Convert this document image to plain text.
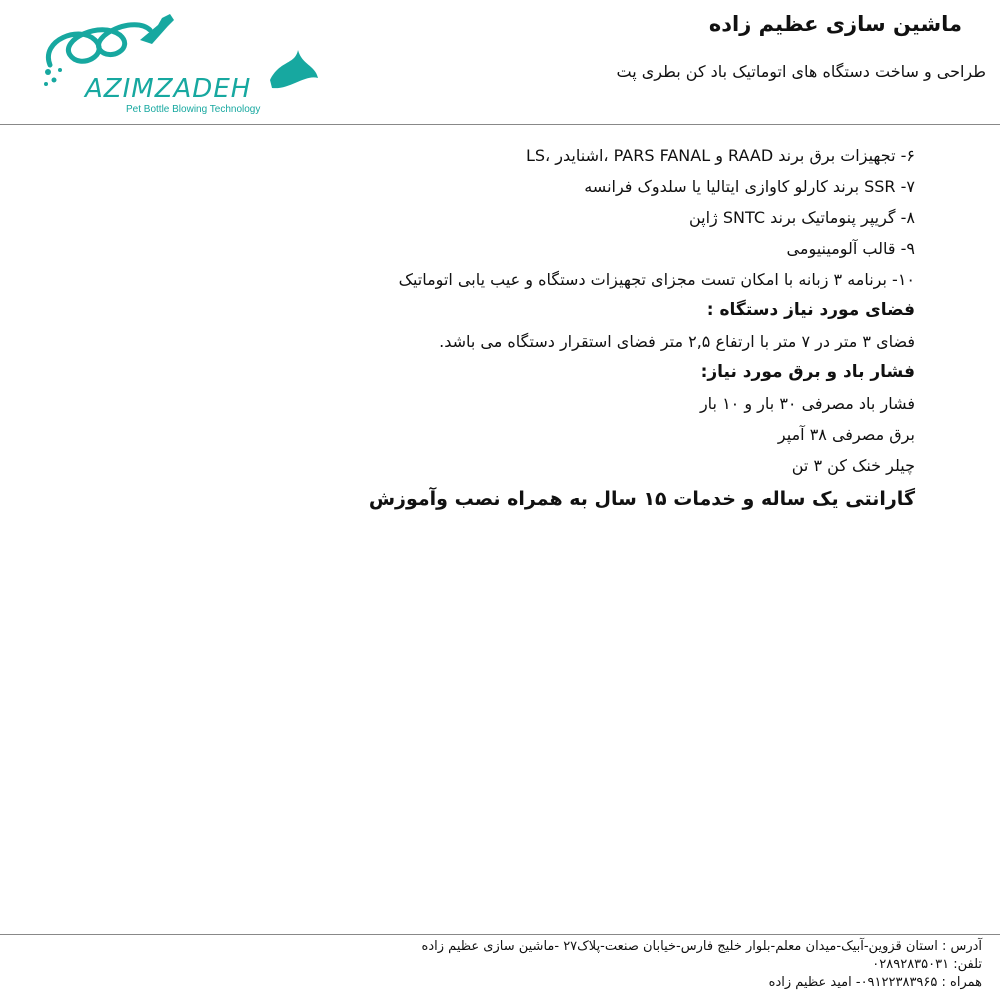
ماشین سازی عظیم زاده
طراحی و ساخت دستگاه های اتوماتیک باد کن بطری پت
AZIMZADEH
Pet Bottle Blowing Technology
۶- تجهیزات برق برند RAAD و PARS FANAL ،اشنایدر ،LS
۷- SSR برند کارلو کاوازی ایتالیا یا سلدوک فرانسه
۸- گریپر پنوماتیک برند SNTC ژاپن
۹- قالب آلومینیومی
۱۰- برنامه ۳ زبانه با امکان تست مجزای تجهیزات دستگاه و عیب یابی اتوماتیک
فضای مورد نیاز دستگاه :
فضای ۳ متر در ۷ متر با ارتفاع ۲,۵ متر فضای استقرار دستگاه می باشد.
فشار باد و برق مورد نیاز:
فشار باد مصرفی ۳۰ بار و ۱۰ بار
برق مصرفی ۳۸ آمپر
چیلر خنک کن ۳ تن
گارانتی یک ساله و خدمات ۱۵ سال به همراه نصب وآموزش
آدرس : استان قزوین-آبیک-میدان معلم-بلوار خلیج فارس-خیابان صنعت-پلاک۲۷ -ماشین سازی عظیم زاده
تلفن: ۰۲۸۹۲۸۳۵۰۳۱
همراه : ۰۹۱۲۲۳۸۳۹۶۵- امید عظیم زاده
